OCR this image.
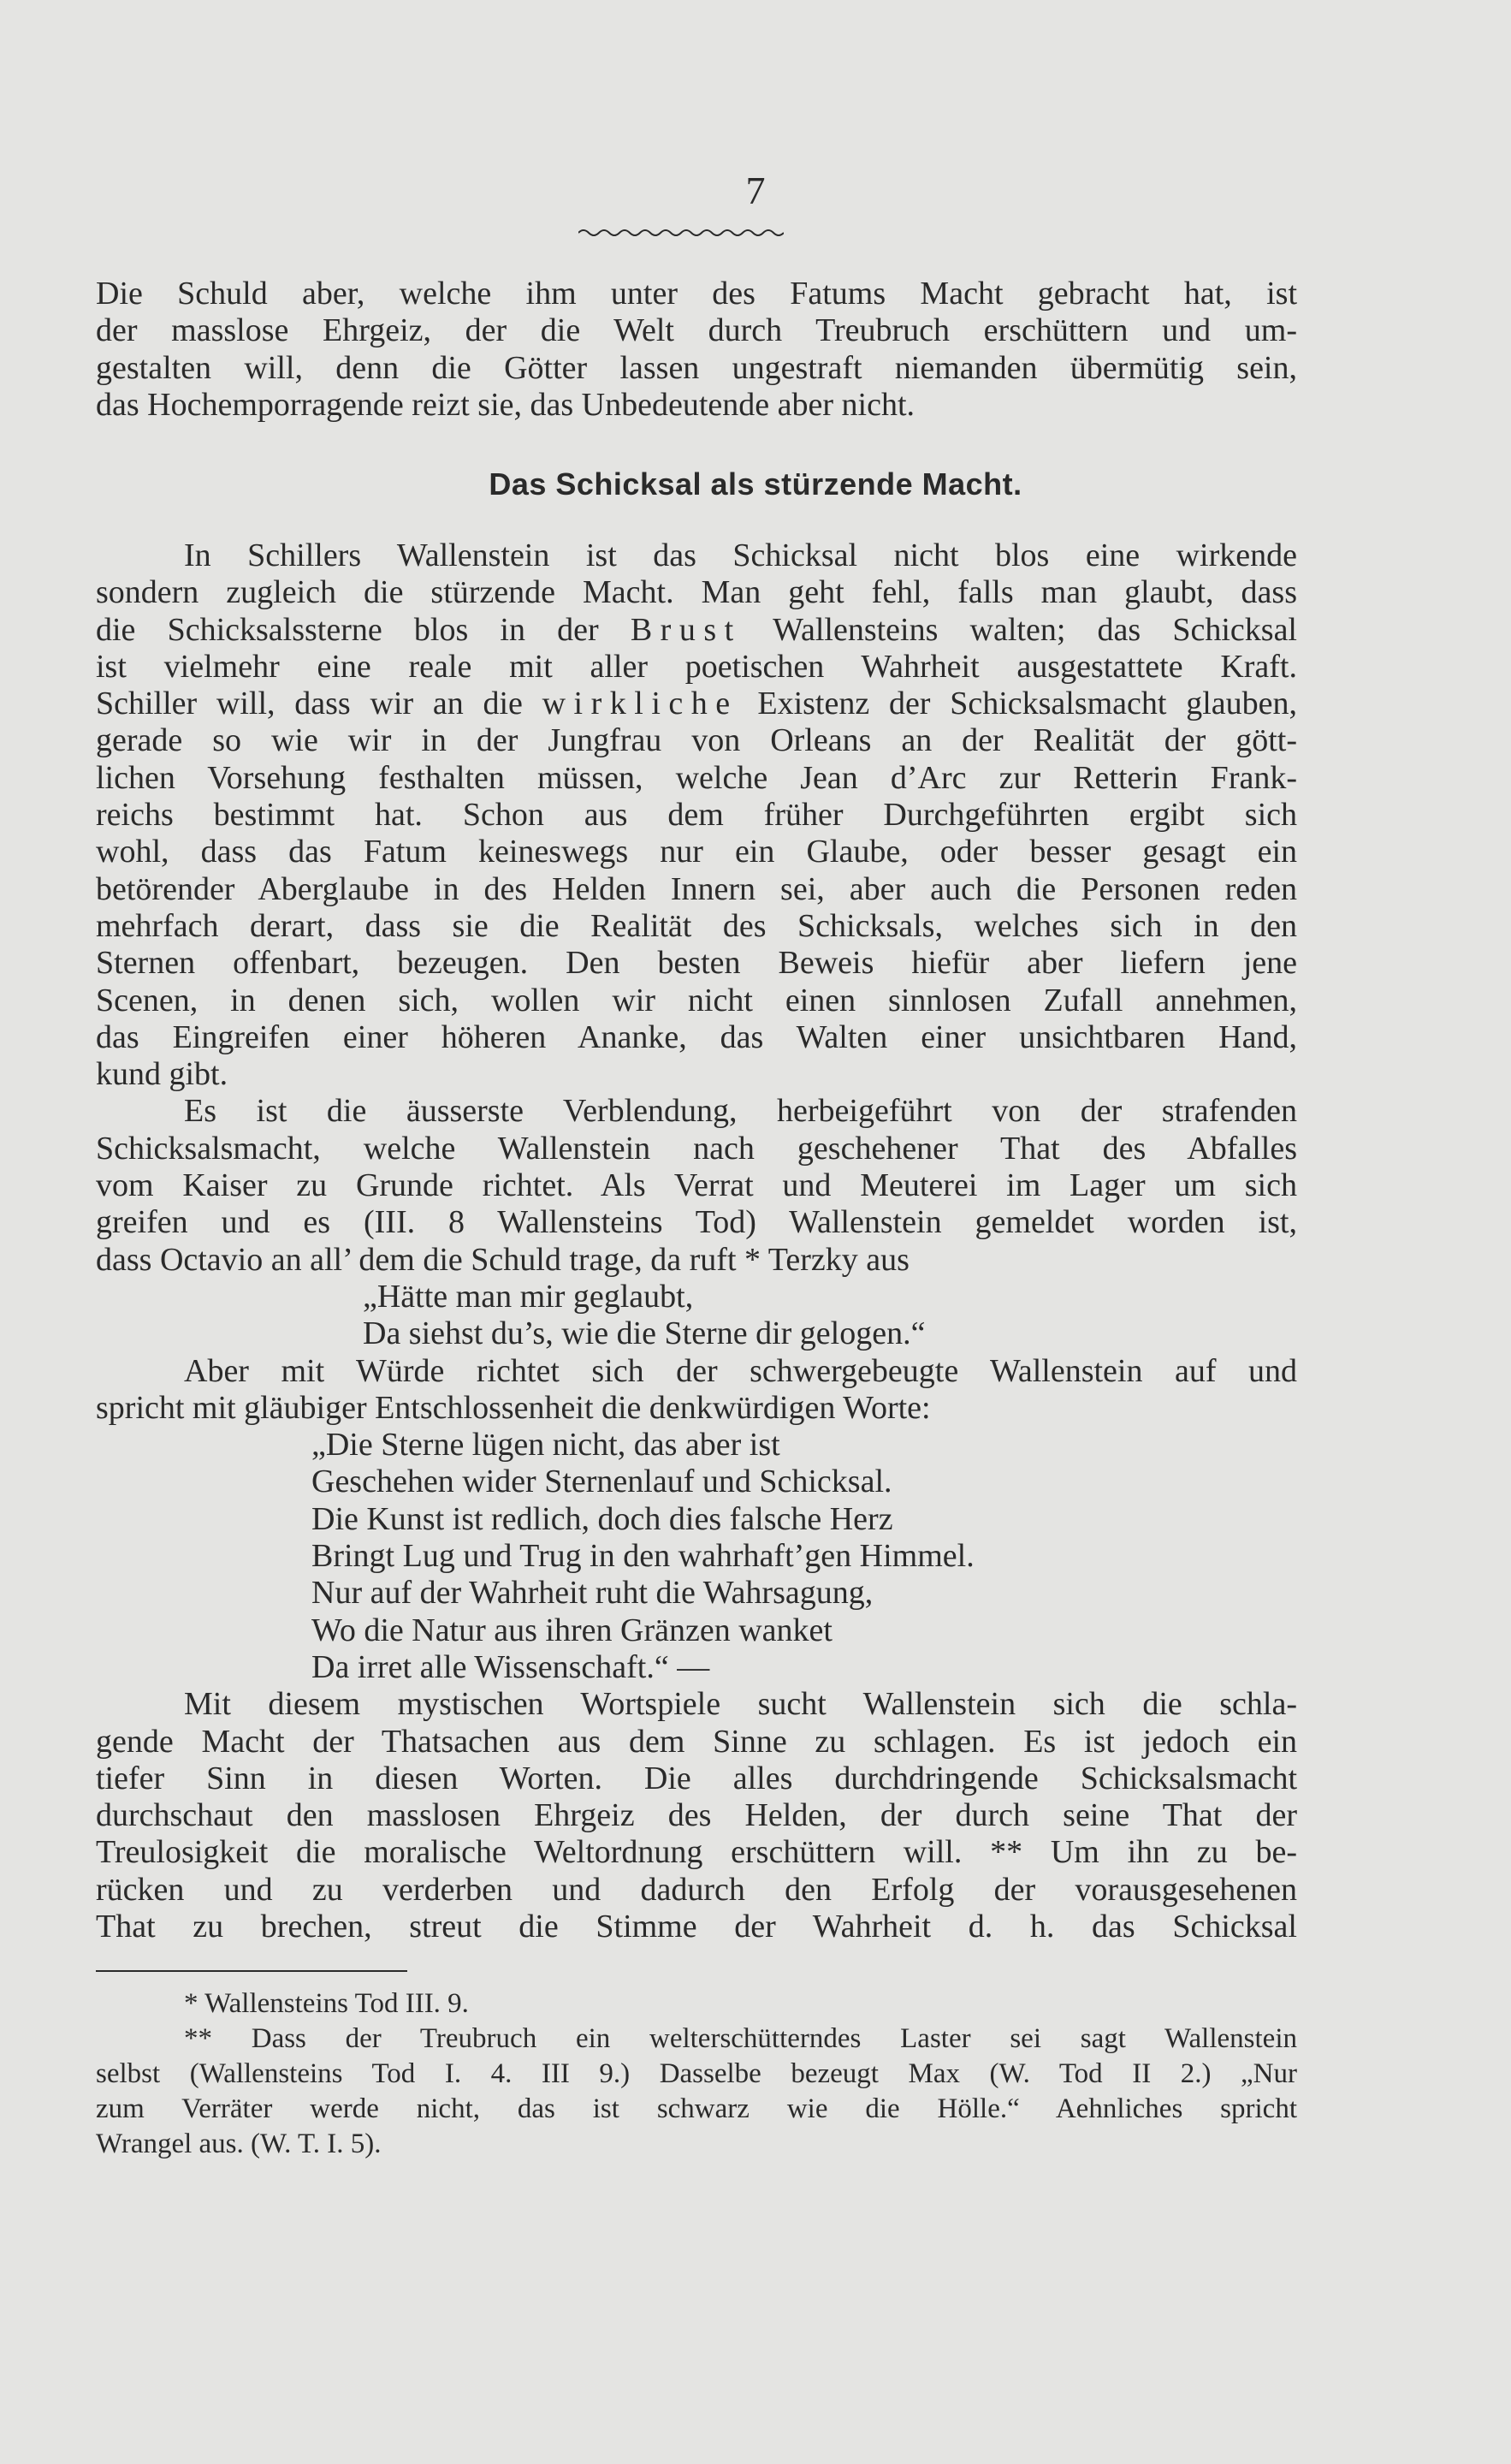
7
Die Schuld aber, welche ihm unter des Fatums Macht gebracht hat, ist
der masslose Ehrgeiz, der die Welt durch Treubruch erschüttern und um-
gestalten will, denn die Götter lassen ungestraft niemanden übermütig sein,
das Hochemporragende reizt sie, das Unbedeutende aber nicht.
Das Schicksal als stürzende Macht.
In Schillers Wallenstein ist das Schicksal nicht blos eine wirkende
sondern zugleich die stürzende Macht. Man geht fehl, falls man glaubt, dass
die Schicksalssterne blos in der Brust Wallensteins walten; das Schicksal
ist vielmehr eine reale mit aller poetischen Wahrheit ausgestattete Kraft.
Schiller will, dass wir an die wirkliche Existenz der Schicksalsmacht glauben,
gerade so wie wir in der Jungfrau von Orleans an der Realität der gött-
lichen Vorsehung festhalten müssen, welche Jean d’Arc zur Retterin Frank-
reichs bestimmt hat. Schon aus dem früher Durchgeführten ergibt sich
wohl, dass das Fatum keineswegs nur ein Glaube, oder besser gesagt ein
betörender Aberglaube in des Helden Innern sei, aber auch die Personen reden
mehrfach derart, dass sie die Realität des Schicksals, welches sich in den
Sternen offenbart, bezeugen. Den besten Beweis hiefür aber liefern jene
Scenen, in denen sich, wollen wir nicht einen sinnlosen Zufall annehmen,
das Eingreifen einer höheren Ananke, das Walten einer unsichtbaren Hand,
kund gibt.
Es ist die äusserste Verblendung, herbeigeführt von der strafenden
Schicksalsmacht, welche Wallenstein nach geschehener That des Abfalles
vom Kaiser zu Grunde richtet. Als Verrat und Meuterei im Lager um sich
greifen und es (III. 8 Wallensteins Tod) Wallenstein gemeldet worden ist,
dass Octavio an all’ dem die Schuld trage, da ruft * Terzky aus
„Hätte man mir geglaubt,
Da siehst du’s, wie die Sterne dir gelogen.“
Aber mit Würde richtet sich der schwergebeugte Wallenstein auf und
spricht mit gläubiger Entschlossenheit die denkwürdigen Worte:
„Die Sterne lügen nicht, das aber ist
Geschehen wider Sternenlauf und Schicksal.
Die Kunst ist redlich, doch dies falsche Herz
Bringt Lug und Trug in den wahrhaft’gen Himmel.
Nur auf der Wahrheit ruht die Wahrsagung,
Wo die Natur aus ihren Gränzen wanket
Da irret alle Wissenschaft.“ —
Mit diesem mystischen Wortspiele sucht Wallenstein sich die schla-
gende Macht der Thatsachen aus dem Sinne zu schlagen. Es ist jedoch ein
tiefer Sinn in diesen Worten. Die alles durchdringende Schicksalsmacht
durchschaut den masslosen Ehrgeiz des Helden, der durch seine That der
Treulosigkeit die moralische Weltordnung erschüttern will. ** Um ihn zu be-
rücken und zu verderben und dadurch den Erfolg der vorausgesehenen
That zu brechen, streut die Stimme der Wahrheit d. h. das Schicksal
* Wallensteins Tod III. 9.
** Dass der Treubruch ein welterschütterndes Laster sei sagt Wallenstein
selbst (Wallensteins Tod I. 4. III 9.) Dasselbe bezeugt Max (W. Tod II 2.) „Nur
zum Verräter werde nicht, das ist schwarz wie die Hölle.“ Aehnliches spricht
Wrangel aus. (W. T. I. 5).
